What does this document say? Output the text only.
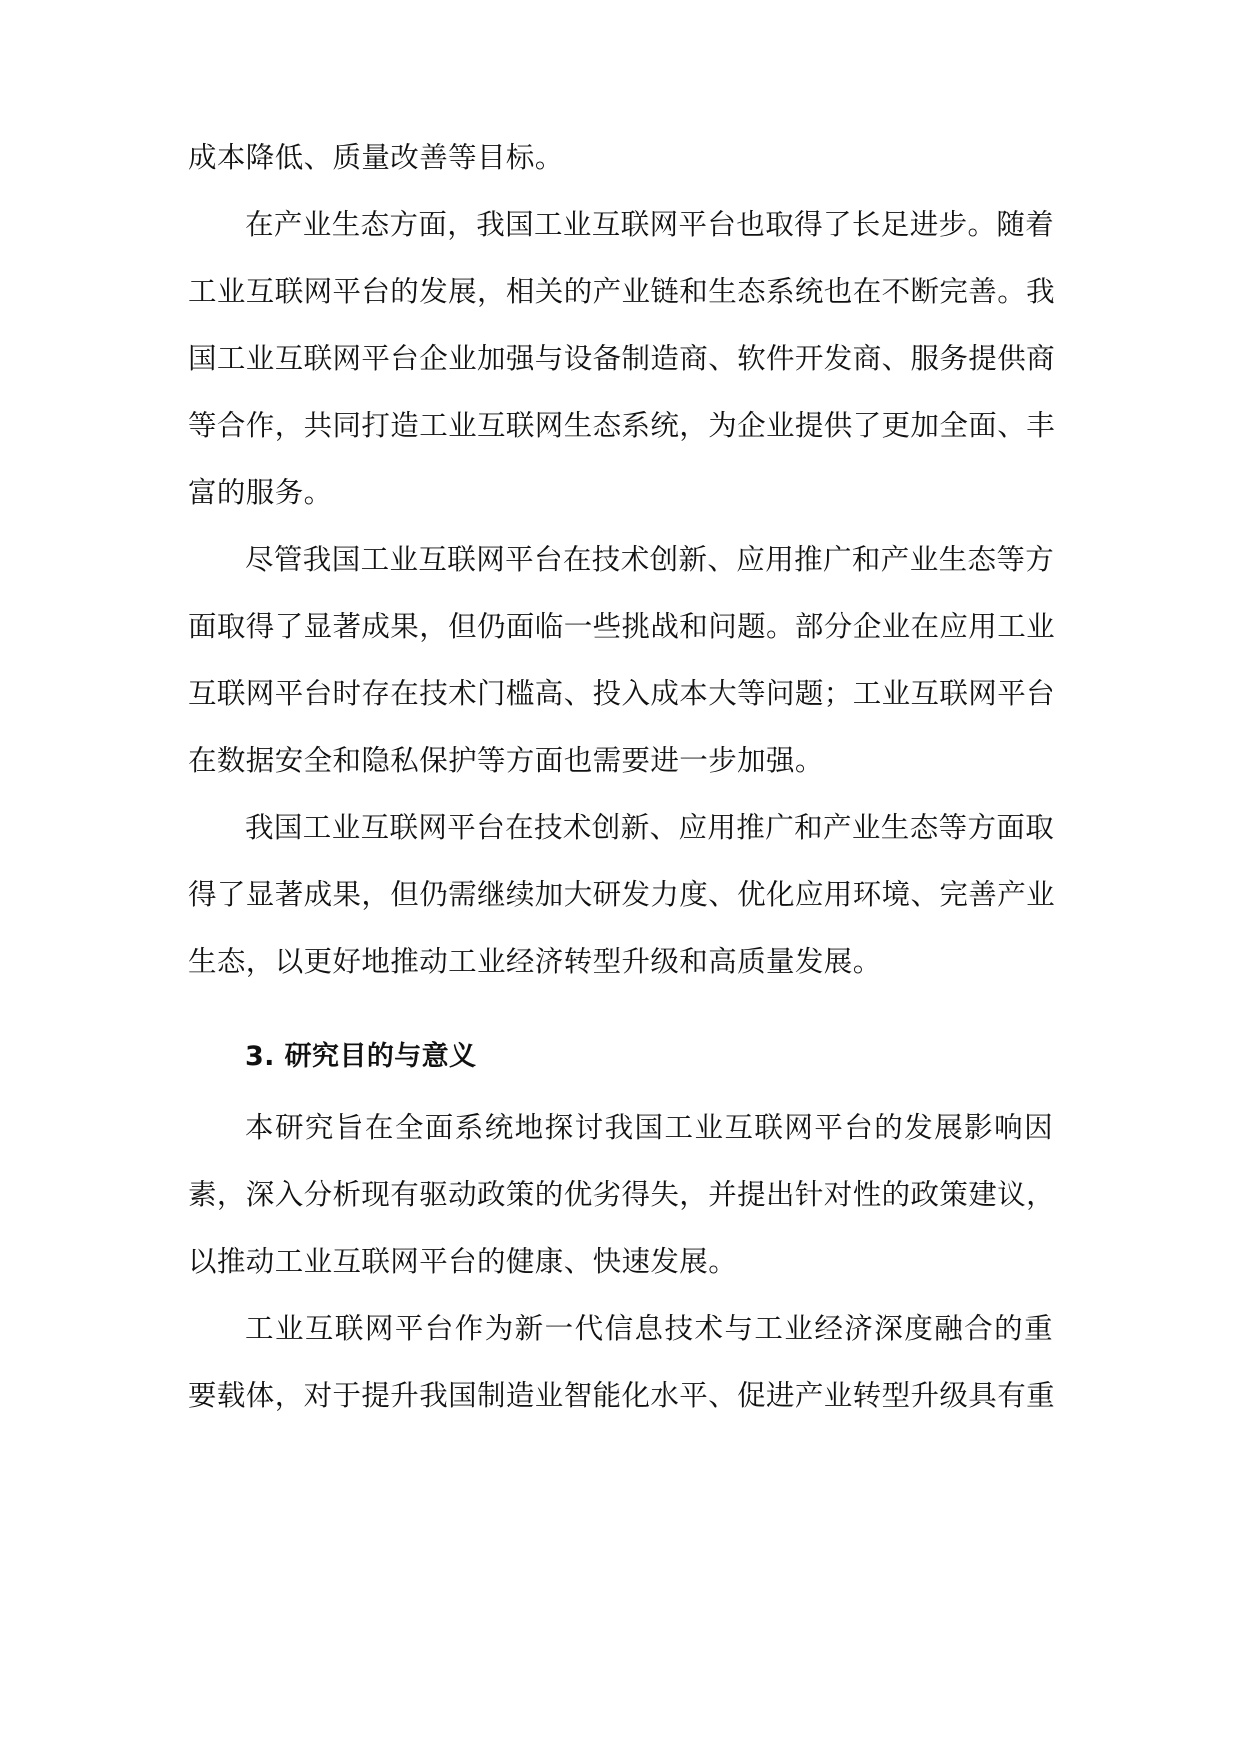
成本降低、质量改善等目标。
在产业生态方面，我国工业互联网平台也取得了长足进步。随着
工业互联网平台的发展，相关的产业链和生态系统也在不断完善。我
国工业互联网平台企业加强与设备制造商、软件开发商、服务提供商
等合作，共同打造工业互联网生态系统，为企业提供了更加全面、丰
富的服务。
尽管我国工业互联网平台在技术创新、应用推广和产业生态等方
面取得了显著成果，但仍面临一些挑战和问题。部分企业在应用工业
互联网平台时存在技术门槛高、投入成本大等问题；工业互联网平台
在数据安全和隐私保护等方面也需要进一步加强。
我国工业互联网平台在技术创新、应用推广和产业生态等方面取
得了显著成果，但仍需继续加大研发力度、优化应用环境、完善产业
生态，以更好地推动工业经济转型升级和高质量发展。
3. 研究目的与意义
本研究旨在全面系统地探讨我国工业互联网平台的发展影响因
素，深入分析现有驱动政策的优劣得失，并提出针对性的政策建议，
以推动工业互联网平台的健康、快速发展。
工业互联网平台作为新一代信息技术与工业经济深度融合的重
要载体，对于提升我国制造业智能化水平、促进产业转型升级具有重
